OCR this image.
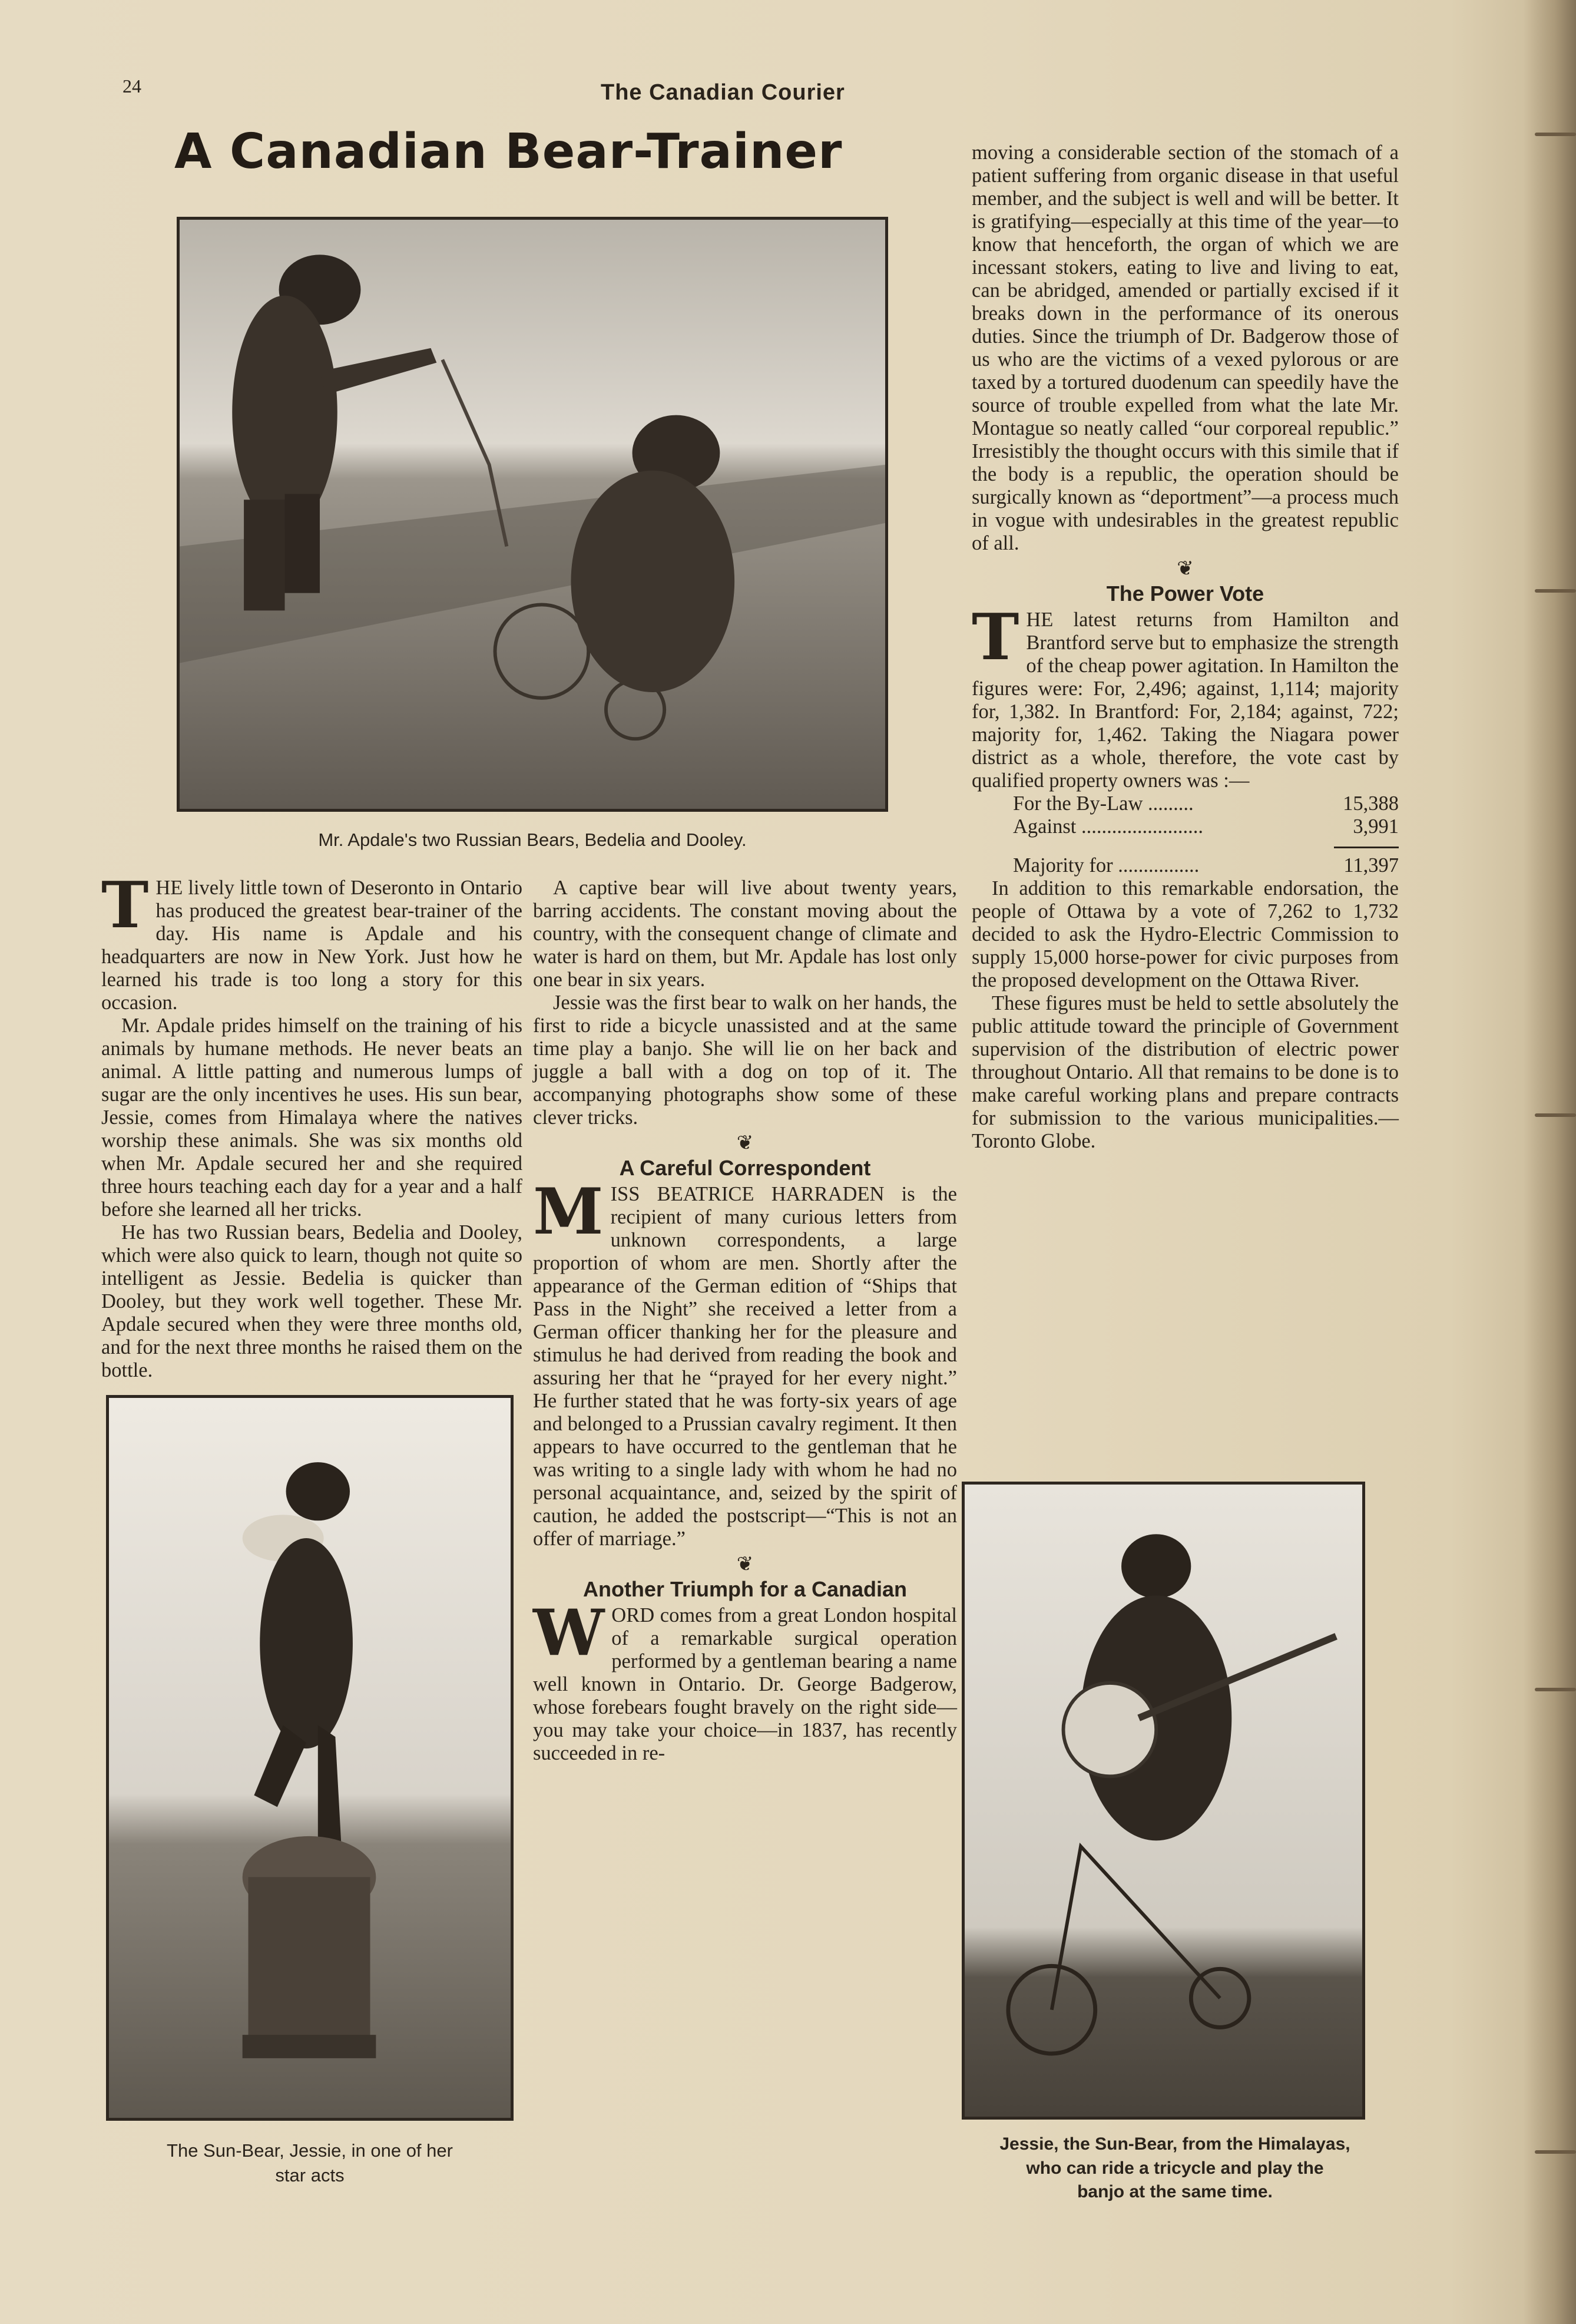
24	The Canadian Courier
A Canadian Bear-Trainer
Mr. Apdale's two Russian Bears, Bedelia and Dooley.

THE lively little town of Deseronto in Ontario has produced the greatest bear-trainer of the day. His name is Apdale and his headquarters are now in New York. Just how he learned his trade is too long a story for this occasion.

Mr. Apdale prides himself on the training of his animals by humane methods. He never beats an animal. A little patting and numerous lumps of sugar are the only incentives he uses. His sun bear, Jessie, comes from Himalaya where the natives worship these animals. She was six months old when Mr. Apdale secured her and she required three hours teaching each day for a year and a half before she learned all her tricks.

He has two Russian bears, Bedelia and Dooley, which were also quick to learn, though not quite so intelligent as Jessie. Bedelia is quicker than Dooley, but they work well together. These Mr. Apdale secured when they were three months old, and for the next three months he raised them on the bottle.

A captive bear will live about twenty years, barring accidents. The constant moving about the country, with the consequent change of climate and water is hard on them, but Mr. Apdale has lost only one bear in six years.

Jessie was the first bear to walk on her hands, the first to ride a bicycle unassisted and at the same time play a banjo. She will lie on her back and juggle a ball with a dog on top of it. The accompanying photographs show some of these clever tricks.

❦
A Careful Correspondent

MISS BEATRICE HARRADEN is the recipient of many curious letters from unknown correspondents, a large proportion of whom are men. Shortly after the appearance of the German edition of “Ships that Pass in the Night” she received a letter from a German officer thanking her for the pleasure and stimulus he had derived from reading the book and assuring her that he “prayed for her every night.” He further stated that he was forty-six years of age and belonged to a Prussian cavalry regiment. It then appears to have occurred to the gentleman that he was writing to a single lady with whom he had no personal acquaintance, and, seized by the spirit of caution, he added the postscript—“This is not an offer of marriage.”

❦
Another Triumph for a Canadian

WORD comes from a great London hospital of a remarkable surgical operation performed by a gentleman bearing a name well known in Ontario. Dr. George Badgerow, whose forebears fought bravely on the right side—you may take your choice—in 1837, has recently succeeded in re-

The Sun-Bear, Jessie, in one of her
star acts

moving a considerable section of the stomach of a patient suffering from organic disease in that useful member, and the subject is well and will be better. It is gratifying—especially at this time of the year—to know that henceforth, the organ of which we are incessant stokers, eating to live and living to eat, can be abridged, amended or partially excised if it breaks down in the performance of its onerous duties. Since the triumph of Dr. Badgerow those of us who are the victims of a vexed pylorous or are taxed by a tortured duodenum can speedily have the source of trouble expelled from what the late Mr. Montague so neatly called “our corporeal republic.” Irresistibly the thought occurs with this simile that if the body is a republic, the operation should be surgically known as “deportment”—a process much in vogue with undesirables in the greatest republic of all.

❦
The Power Vote

THE latest returns from Hamilton and Brantford serve but to emphasize the strength of the cheap power agitation. In Hamilton the figures were: For, 2,496; against, 1,114; majority for, 1,382. In Brantford: For, 2,184; against, 722; majority for, 1,462. Taking the Niagara power district as a whole, therefore, the vote cast by qualified property owners was :—

For the By-Law .........	15,388
Against ........................	3,991
Majority for ................	11,397

In addition to this remarkable endorsation, the people of Ottawa by a vote of 7,262 to 1,732 decided to ask the Hydro-Electric Commission to supply 15,000 horse-power for civic purposes from the proposed development on the Ottawa River.

These figures must be held to settle absolutely the public attitude toward the principle of Government supervision of the distribution of electric power throughout Ontario. All that remains to be done is to make careful working plans and prepare contracts for submission to the various municipalities.—Toronto Globe.

Jessie, the Sun-Bear, from the Himalayas,
who can ride a tricycle and play the
banjo at the same time.
